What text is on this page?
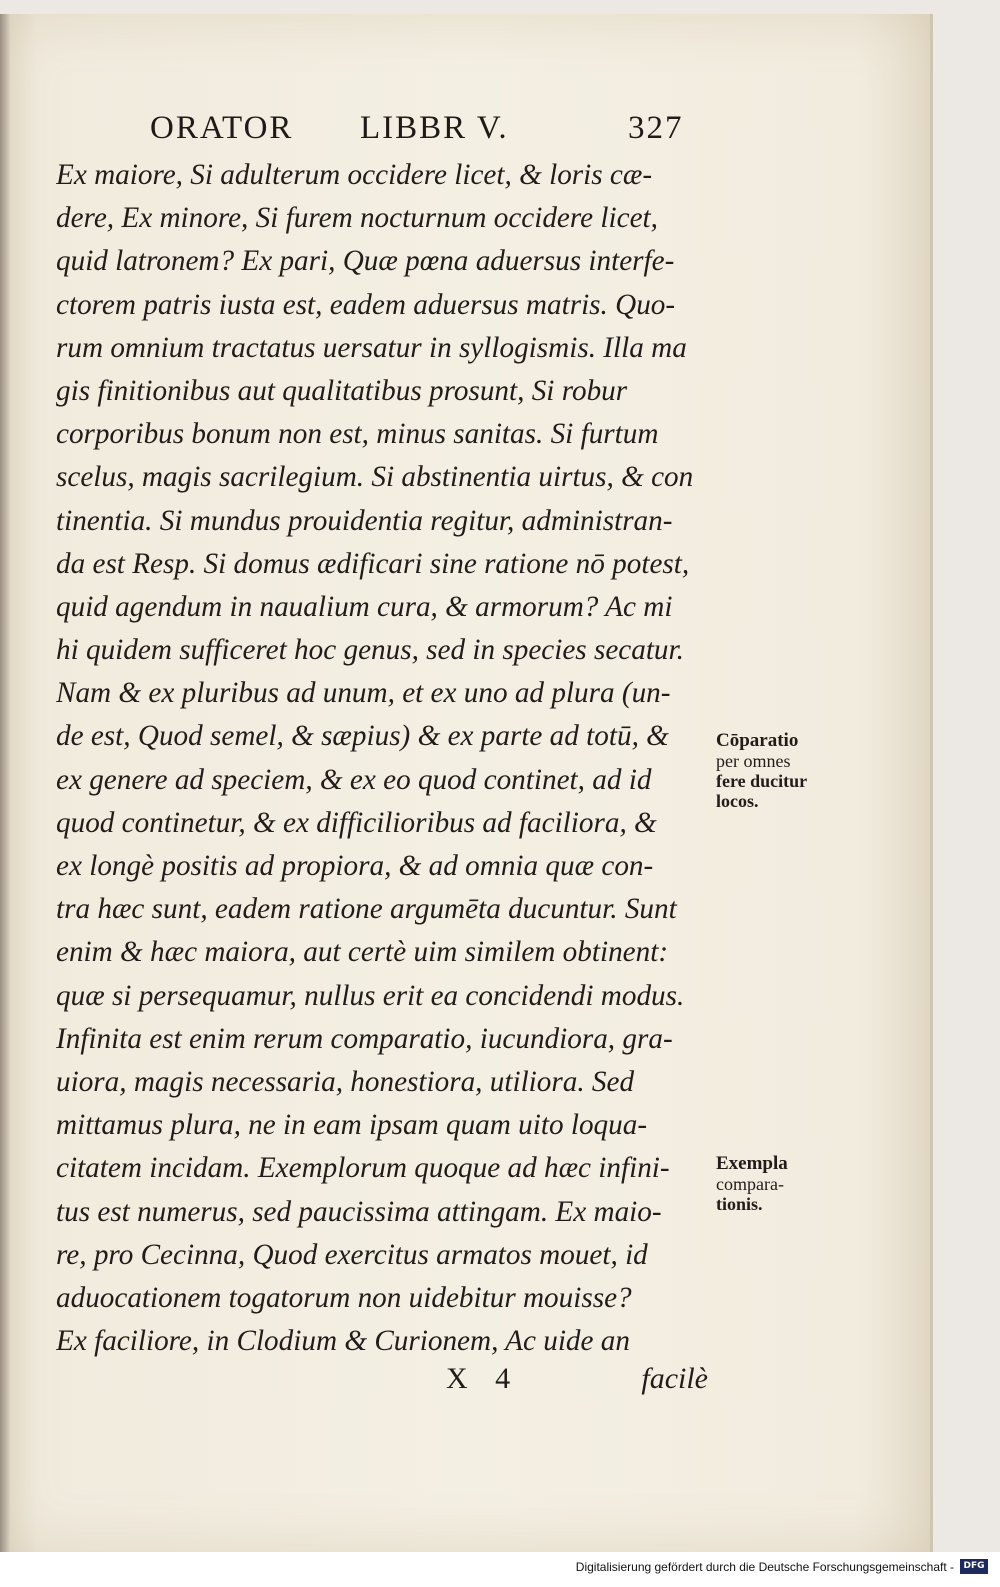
ORATOR LIBBR V.	327
Ex maiore, Si adulterum occidere licet, & loris cæ-
dere, Ex minore, Si furem nocturnum occidere licet,
quid latronem? Ex pari, Quæ pœna aduersus interfe-
ctorem patris iusta est, eadem aduersus matris. Quo-
rum omnium tractatus uersatur in syllogismis. Illa ma
gis finitionibus aut qualitatibus prosunt, Si robur
corporibus bonum non est, minus sanitas. Si furtum
scelus, magis sacrilegium. Si abstinentia uirtus, & con
tinentia. Si mundus prouidentia regitur, administran-
da est Resp. Si domus ædificari sine ratione nō potest,
quid agendum in naualium cura, & armorum? Ac mi
hi quidem sufficeret hoc genus, sed in species secatur.
Nam & ex pluribus ad unum, et ex uno ad plura (un-
de est, Quod semel, & sæpius) & ex parte ad totū, &
ex genere ad speciem, & ex eo quod continet, ad id
quod continetur, & ex difficilioribus ad faciliora, &
ex longè positis ad propiora, & ad omnia quæ con-
tra hæc sunt, eadem ratione argumēta ducuntur. Sunt
enim & hæc maiora, aut certè uim similem obtinent:
quæ si persequamur, nullus erit ea concidendi modus.
Infinita est enim rerum comparatio, iucundiora, gra-
uiora, magis necessaria, honestiora, utiliora. Sed
mittamus plura, ne in eam ipsam quam uito loqua-
citatem incidam. Exemplorum quoque ad hæc infini-
tus est numerus, sed paucissima attingam. Ex maio-
re, pro Cecinna, Quod exercitus armatos mouet, id
aduocationem togatorum non uidebitur mouisse?
Ex faciliore, in Clodium & Curionem, Ac uide an
Cōparatio
per omnes
fere ducitur
locos.
Exempla
compara-
tionis.
X 4	facilè
Digitalisierung gefördert durch die Deutsche Forschungsgemeinschaft -	DFG
